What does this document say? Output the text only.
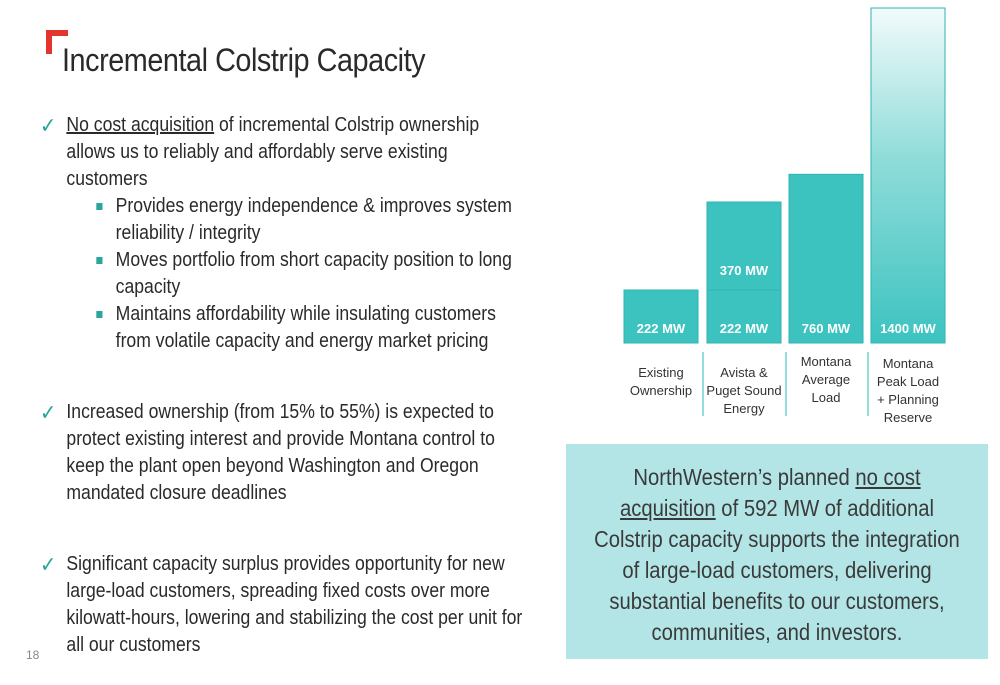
Incremental Colstrip Capacity
✓ No cost acquisition of incremental Colstrip ownership allows us to reliably and affordably serve existing customers
Provides energy independence & improves system reliability / integrity
Moves portfolio from short capacity position to long capacity
Maintains affordability while insulating customers from volatile capacity and energy market pricing
✓ Increased ownership (from 15% to 55%) is expected to protect existing interest and provide Montana control to keep the plant open beyond Washington and Oregon mandated closure deadlines
✓ Significant capacity surplus provides opportunity for new large-load customers, spreading fixed costs over more kilowatt-hours, lowering and stabilizing the cost per unit for all our customers
18
222 MW	222 MW
370 MW
760 MW 1400 MW
Existing
Ownership
Avista &
Puget Sound
Energy
Montana
Average
Load
Montana
Peak Load
+ Planning
Reserve
NorthWestern’s planned no cost acquisition of 592 MW of additional Colstrip capacity supports the integration of large-load customers, delivering substantial benefits to our customers, communities, and investors.
